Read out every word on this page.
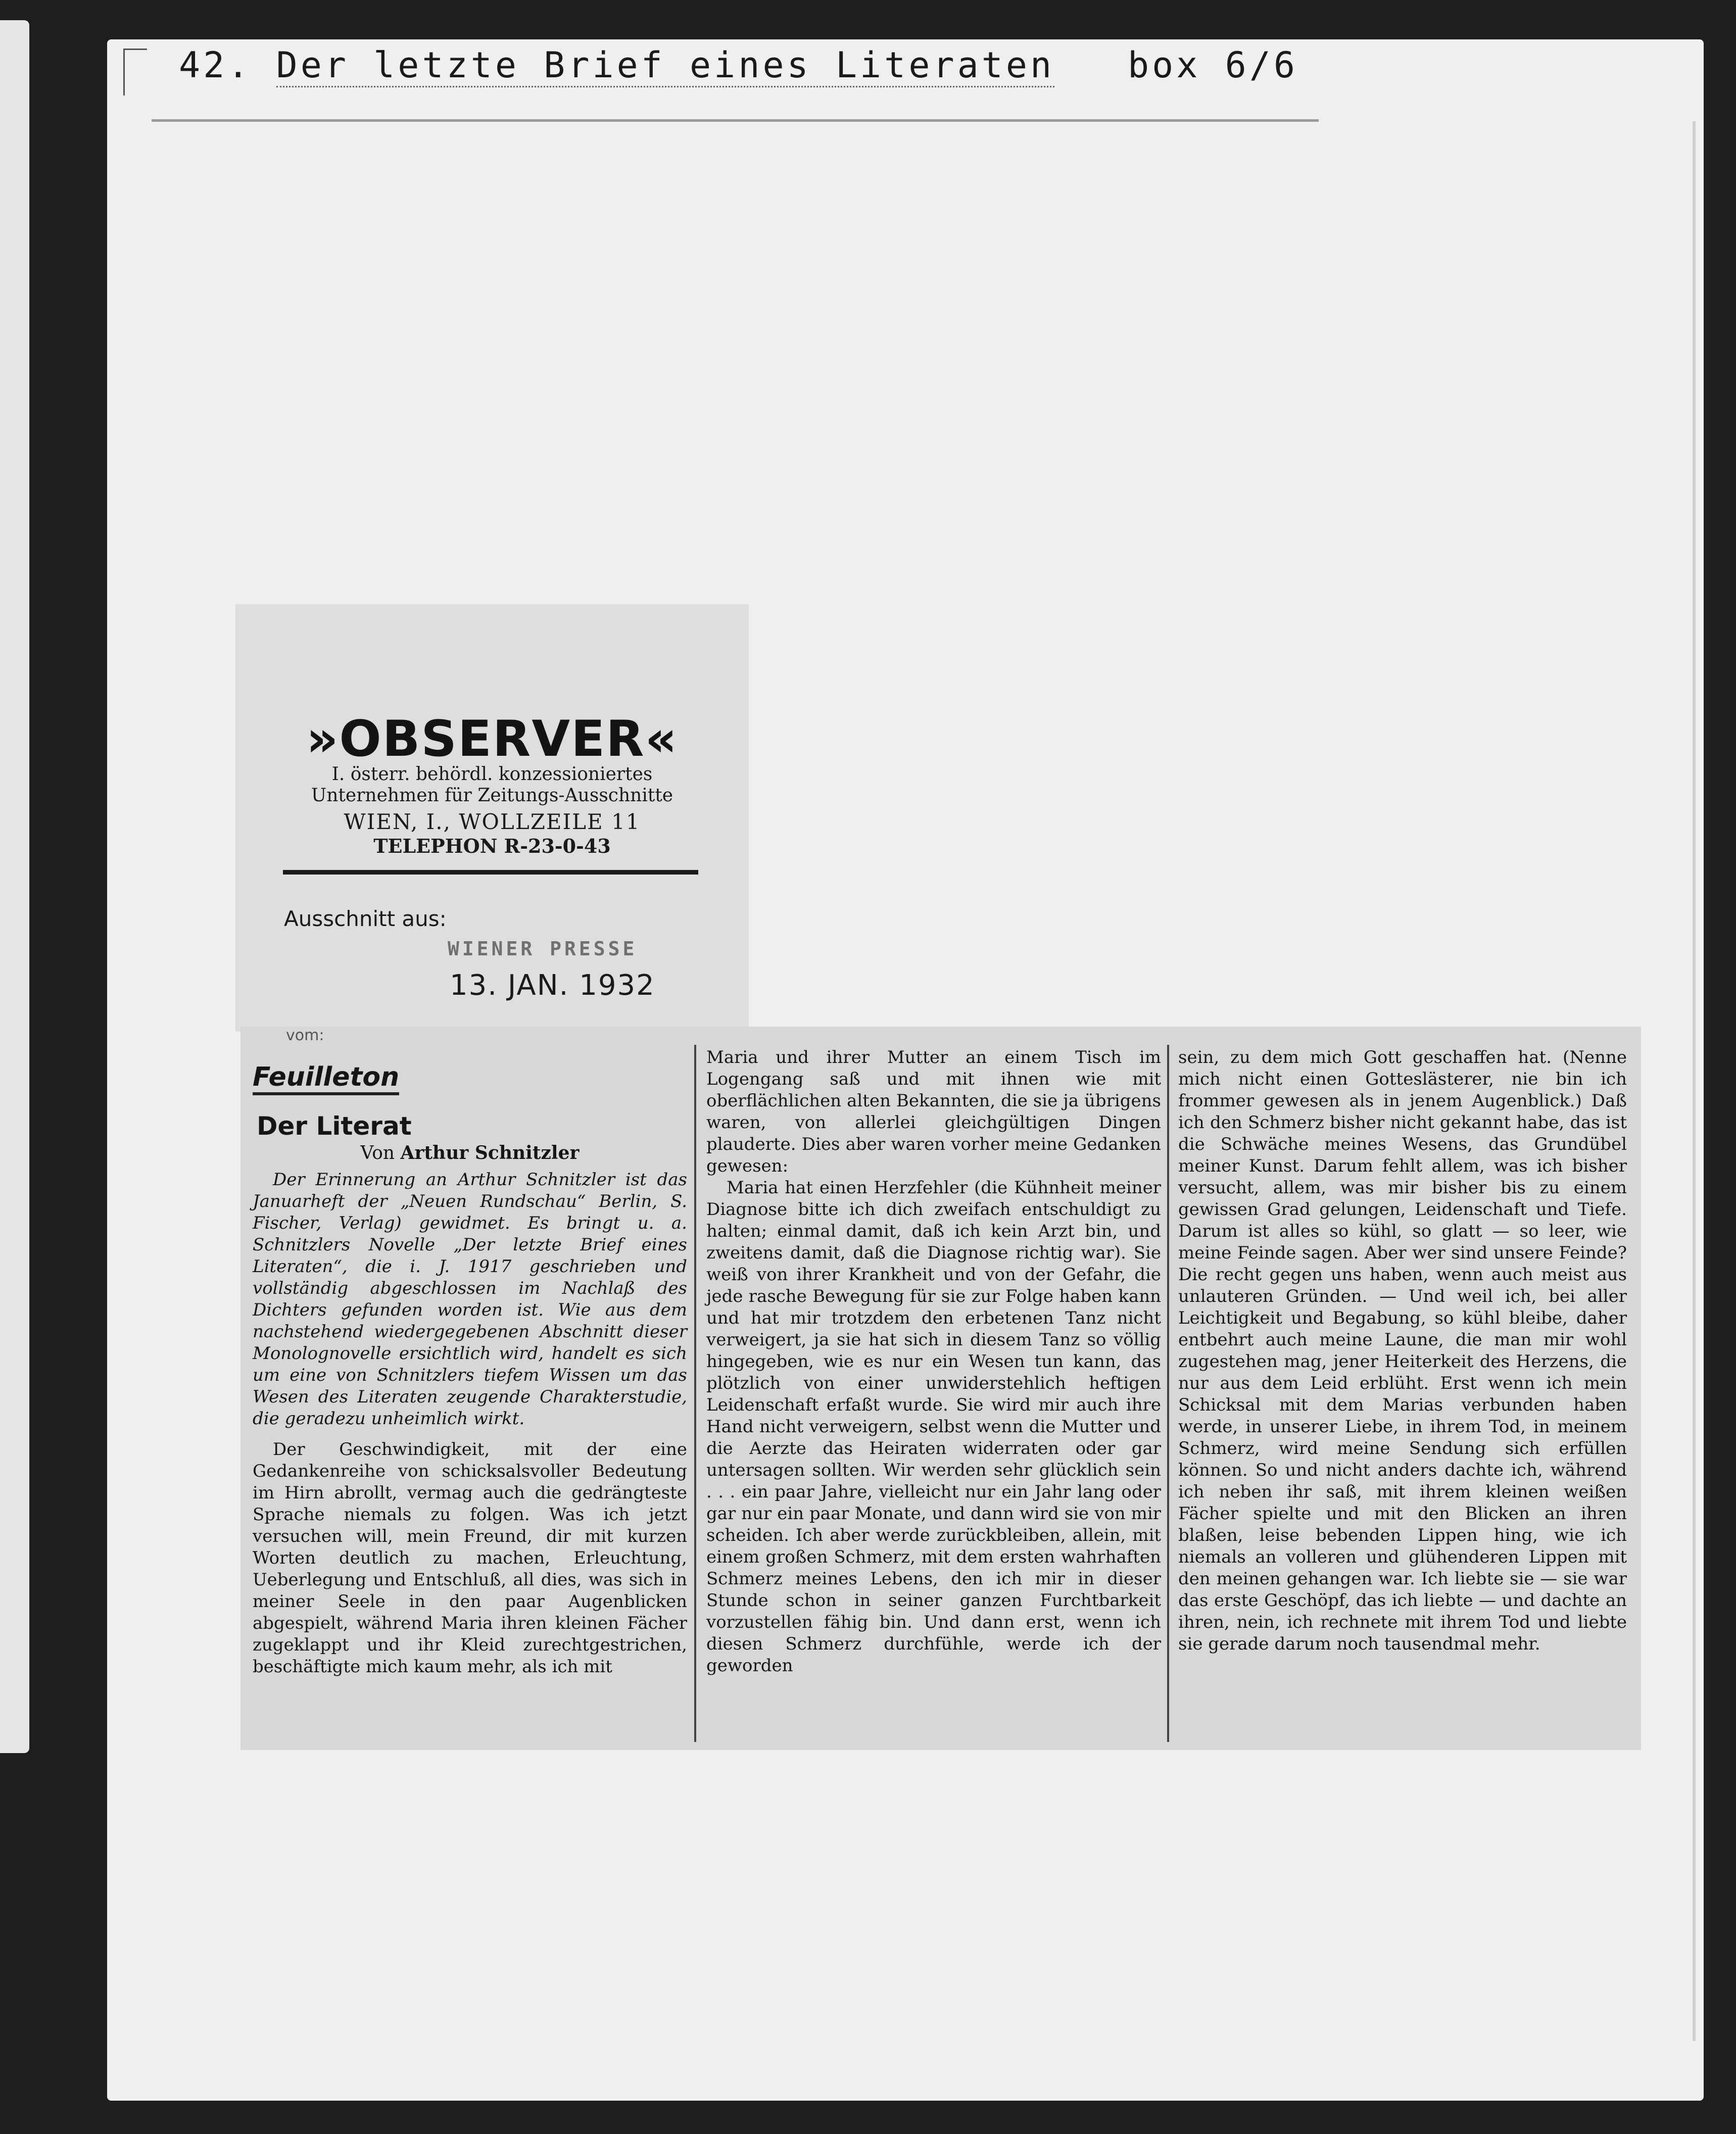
42. Der letzte Brief eines Literaten box 6/6
»OBSERVER«
I. österr. behördl. konzessioniertes
Unternehmen für Zeitungs-Ausschnitte
WIEN, I., WOLLZEILE 11
TELEPHON R-23-0-43
Ausschnitt aus:
WIENER PRESSE
13. JAN. 1932
vom:
Feuilleton
Der Literat
Von Arthur Schnitzler

Der Erinnerung an Arthur Schnitzler ist das Januarheft der „Neuen Rundschau“ Berlin, S. Fischer, Verlag) gewidmet. Es bringt u. a. Schnitzlers Novelle „Der letzte Brief eines Literaten“, die i. J. 1917 geschrieben und vollständig abgeschlossen im Nachlaß des Dichters gefunden worden ist. Wie aus dem nachstehend wiedergegebenen Abschnitt dieser Monolognovelle ersichtlich wird, handelt es sich um eine von Schnitzlers tiefem Wissen um das Wesen des Literaten zeugende Charakterstudie, die geradezu unheimlich wirkt.

Der Geschwindigkeit, mit der eine Gedankenreihe von schicksalsvoller Bedeutung im Hirn abrollt, vermag auch die gedrängteste Sprache niemals zu folgen. Was ich jetzt versuchen will, mein Freund, dir mit kurzen Worten deutlich zu machen, Erleuchtung, Ueberlegung und Entschluß, all dies, was sich in meiner Seele in den paar Augenblicken abgespielt, während Maria ihren kleinen Fächer zugeklappt und ihr Kleid zurechtgestrichen, beschäftigte mich kaum mehr, als ich mit

Maria und ihrer Mutter an einem Tisch im Logengang saß und mit ihnen wie mit oberflächlichen alten Bekannten, die sie ja übrigens waren, von allerlei gleichgültigen Dingen plauderte. Dies aber waren vorher meine Gedanken gewesen:

Maria hat einen Herzfehler (die Kühnheit meiner Diagnose bitte ich dich zweifach entschuldigt zu halten; einmal damit, daß ich kein Arzt bin, und zweitens damit, daß die Diagnose richtig war). Sie weiß von ihrer Krankheit und von der Gefahr, die jede rasche Bewegung für sie zur Folge haben kann und hat mir trotzdem den erbetenen Tanz nicht verweigert, ja sie hat sich in diesem Tanz so völlig hingegeben, wie es nur ein Wesen tun kann, das plötzlich von einer unwiderstehlich heftigen Leidenschaft erfaßt wurde. Sie wird mir auch ihre Hand nicht verweigern, selbst wenn die Mutter und die Aerzte das Heiraten widerraten oder gar untersagen sollten. Wir werden sehr glücklich sein . . . ein paar Jahre, vielleicht nur ein Jahr lang oder gar nur ein paar Monate, und dann wird sie von mir scheiden. Ich aber werde zurückbleiben, allein, mit einem großen Schmerz, mit dem ersten wahrhaften Schmerz meines Lebens, den ich mir in dieser Stunde schon in seiner ganzen Furchtbarkeit vorzustellen fähig bin. Und dann erst, wenn ich diesen Schmerz durchfühle, werde ich der geworden

sein, zu dem mich Gott geschaffen hat. (Nenne mich nicht einen Gotteslästerer, nie bin ich frommer gewesen als in jenem Augenblick.) Daß ich den Schmerz bisher nicht gekannt habe, das ist die Schwäche meines Wesens, das Grundübel meiner Kunst. Darum fehlt allem, was ich bisher versucht, allem, was mir bisher bis zu einem gewissen Grad gelungen, Leidenschaft und Tiefe. Darum ist alles so kühl, so glatt — so leer, wie meine Feinde sagen. Aber wer sind unsere Feinde? Die recht gegen uns haben, wenn auch meist aus unlauteren Gründen. — Und weil ich, bei aller Leichtigkeit und Begabung, so kühl bleibe, daher entbehrt auch meine Laune, die man mir wohl zugestehen mag, jener Heiterkeit des Herzens, die nur aus dem Leid erblüht. Erst wenn ich mein Schicksal mit dem Marias verbunden haben werde, in unserer Liebe, in ihrem Tod, in meinem Schmerz, wird meine Sendung sich erfüllen können. So und nicht anders dachte ich, während ich neben ihr saß, mit ihrem kleinen weißen Fächer spielte und mit den Blicken an ihren blaßen, leise bebenden Lippen hing, wie ich niemals an volleren und glühenderen Lippen mit den meinen gehangen war. Ich liebte sie — sie war das erste Geschöpf, das ich liebte — und dachte an ihren, nein, ich rechnete mit ihrem Tod und liebte sie gerade darum noch tausendmal mehr.
